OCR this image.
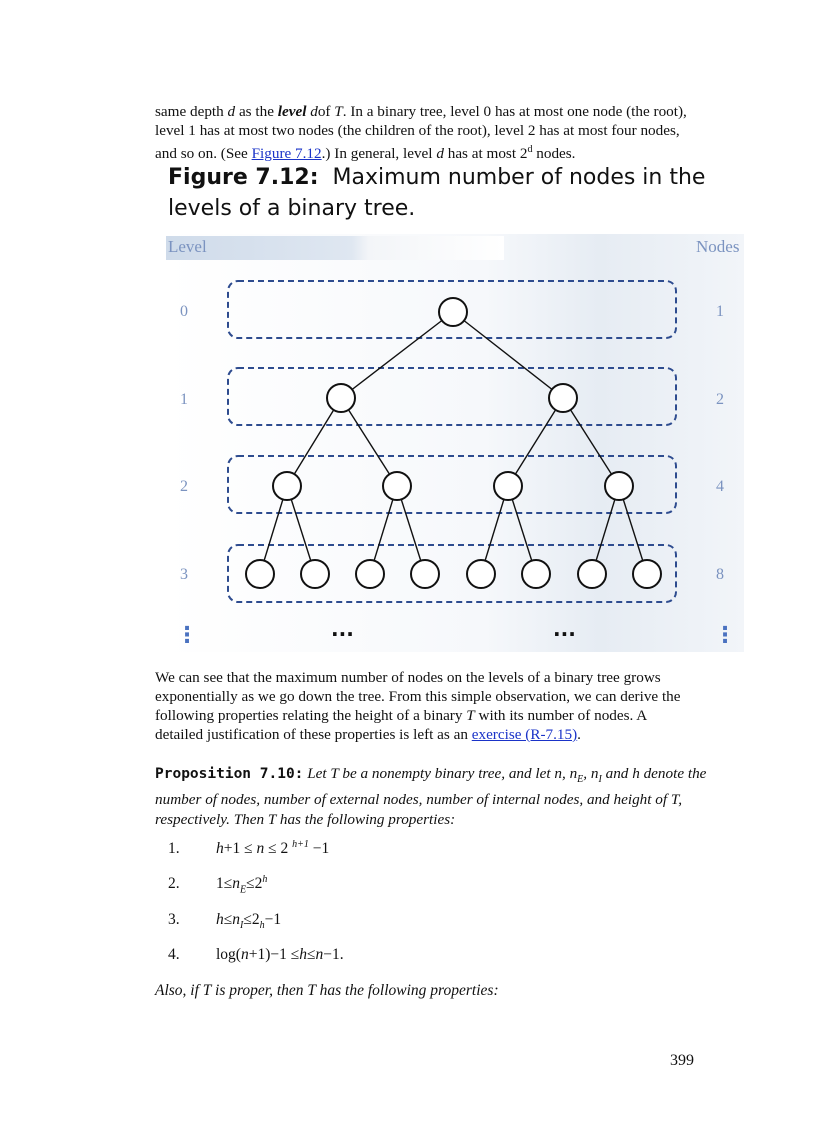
same depth d as the level dof T. In a binary tree, level 0 has at most one node (the root), level 1 has at most two nodes (the children of the root), level 2 has at most four nodes, and so on. (See Figure 7.12.) In general, level d has at most 2$^d$ nodes.
Figure 7.12: Maximum number of nodes in the levels of a binary tree.
Level	Nodes
0
1
2
3
1
2
4
8
⋮	⋮
...	...
We can see that the maximum number of nodes on the levels of a binary tree grows exponentially as we go down the tree. From this simple observation, we can derive the following properties relating the height of a binary T with its number of nodes. A detailed justification of these properties is left as an exercise (R-7.15).
Proposition 7.10: Let T be a nonempty binary tree, and let n, $n_E$, $n_I$ and h denote the number of nodes, number of external nodes, number of internal nodes, and height of T, respectively. Then T has the following properties:
1. h+1 ≤ n ≤ 2 $^{h+1}$ −1
2. $1\le n_E\le 2^h$
3. $h\le n_I\le 2_h-1$
4. log(n+1)−1 ≤h≤n−1.
Also, if T is proper, then T has the following properties:
399
